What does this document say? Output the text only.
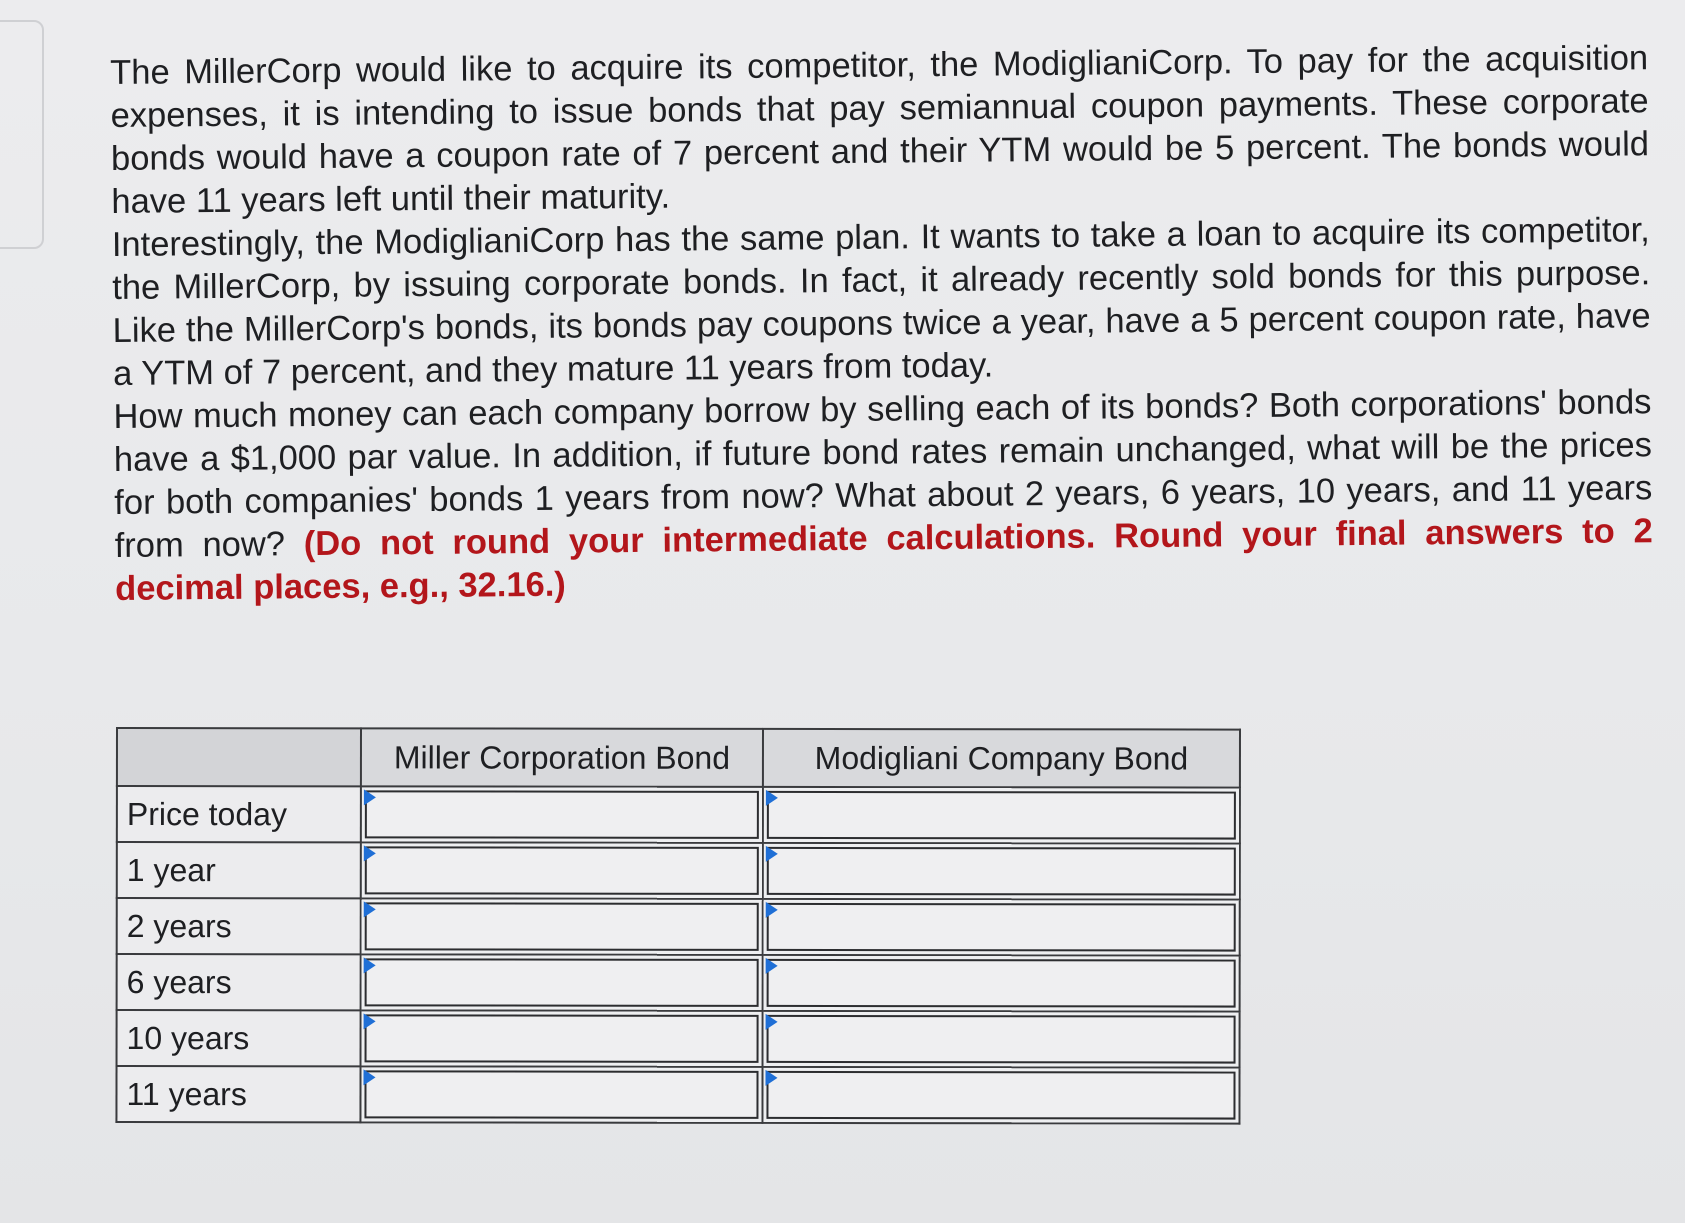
The MillerCorp would like to acquire its competitor, the ModiglianiCorp. To pay for the acquisition expenses, it is intending to issue bonds that pay semiannual coupon payments. These corporate bonds would have a coupon rate of 7 percent and their YTM would be 5 percent. The bonds would have 11 years left until their maturity.

Interestingly, the ModiglianiCorp has the same plan. It wants to take a loan to acquire its competitor, the MillerCorp, by issuing corporate bonds. In fact, it already recently sold bonds for this purpose. Like the MillerCorp's bonds, its bonds pay coupons twice a year, have a 5 percent coupon rate, have a YTM of 7 percent, and they mature 11 years from today.

How much money can each company borrow by selling each of its bonds? Both corporations' bonds have a $1,000 par value. In addition, if future bond rates remain unchanged, what will be the prices for both companies' bonds 1 years from now? What about 2 years, 6 years, 10 years, and 11 years from now? (Do not round your intermediate calculations. Round your final answers to 2 decimal places, e.g., 32.16.)

	Miller Corporation Bond	Modigliani Company Bond
Price today	

1 year	

2 years	

6 years	

10 years	

11 years	
